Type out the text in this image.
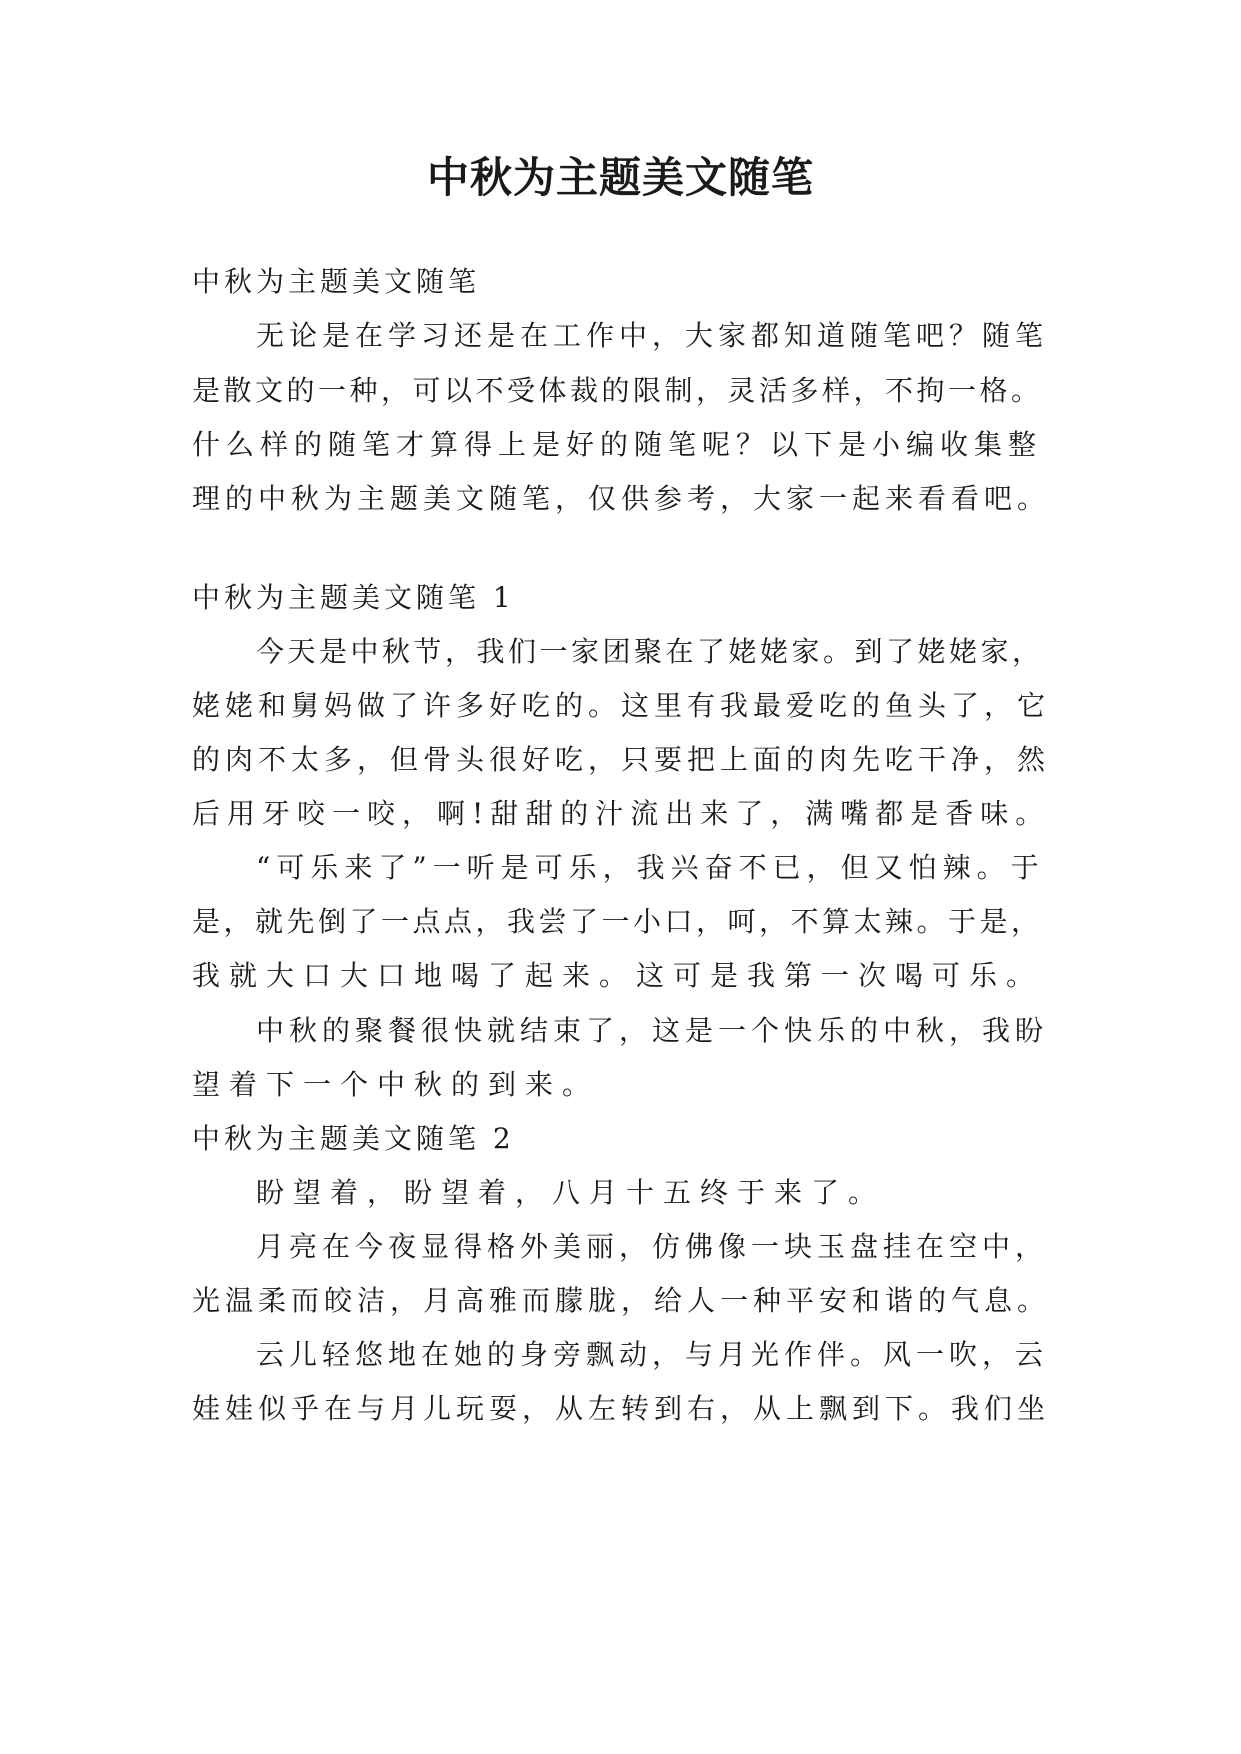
中秋为主题美文随笔

中秋为主题美文随笔

无论是在学习还是在工作中，大家都知道随笔吧？随笔

是散文的一种，可以不受体裁的限制，灵活多样，不拘一格。

什么样的随笔才算得上是好的随笔呢？以下是小编收集整

理的中秋为主题美文随笔，仅供参考，大家一起来看看吧。

中秋为主题美文随笔 1

今天是中秋节，我们一家团聚在了姥姥家。到了姥姥家，

姥姥和舅妈做了许多好吃的。这里有我最爱吃的鱼头了，它

的肉不太多，但骨头很好吃，只要把上面的肉先吃干净，然

后用牙咬一咬，啊!甜甜的汁流出来了，满嘴都是香味。

“可乐来了”一听是可乐，我兴奋不已，但又怕辣。于

是，就先倒了一点点，我尝了一小口，呵，不算太辣。于是，

我就大口大口地喝了起来。这可是我第一次喝可乐。

中秋的聚餐很快就结束了，这是一个快乐的中秋，我盼

望着下一个中秋的到来。

中秋为主题美文随笔 2

盼望着，盼望着，八月十五终于来了。

月亮在今夜显得格外美丽，仿佛像一块玉盘挂在空中，

光温柔而皎洁，月高雅而朦胧，给人一种平安和谐的气息。

云儿轻悠地在她的身旁飘动，与月光作伴。风一吹，云

娃娃似乎在与月儿玩耍，从左转到右，从上飘到下。我们坐
